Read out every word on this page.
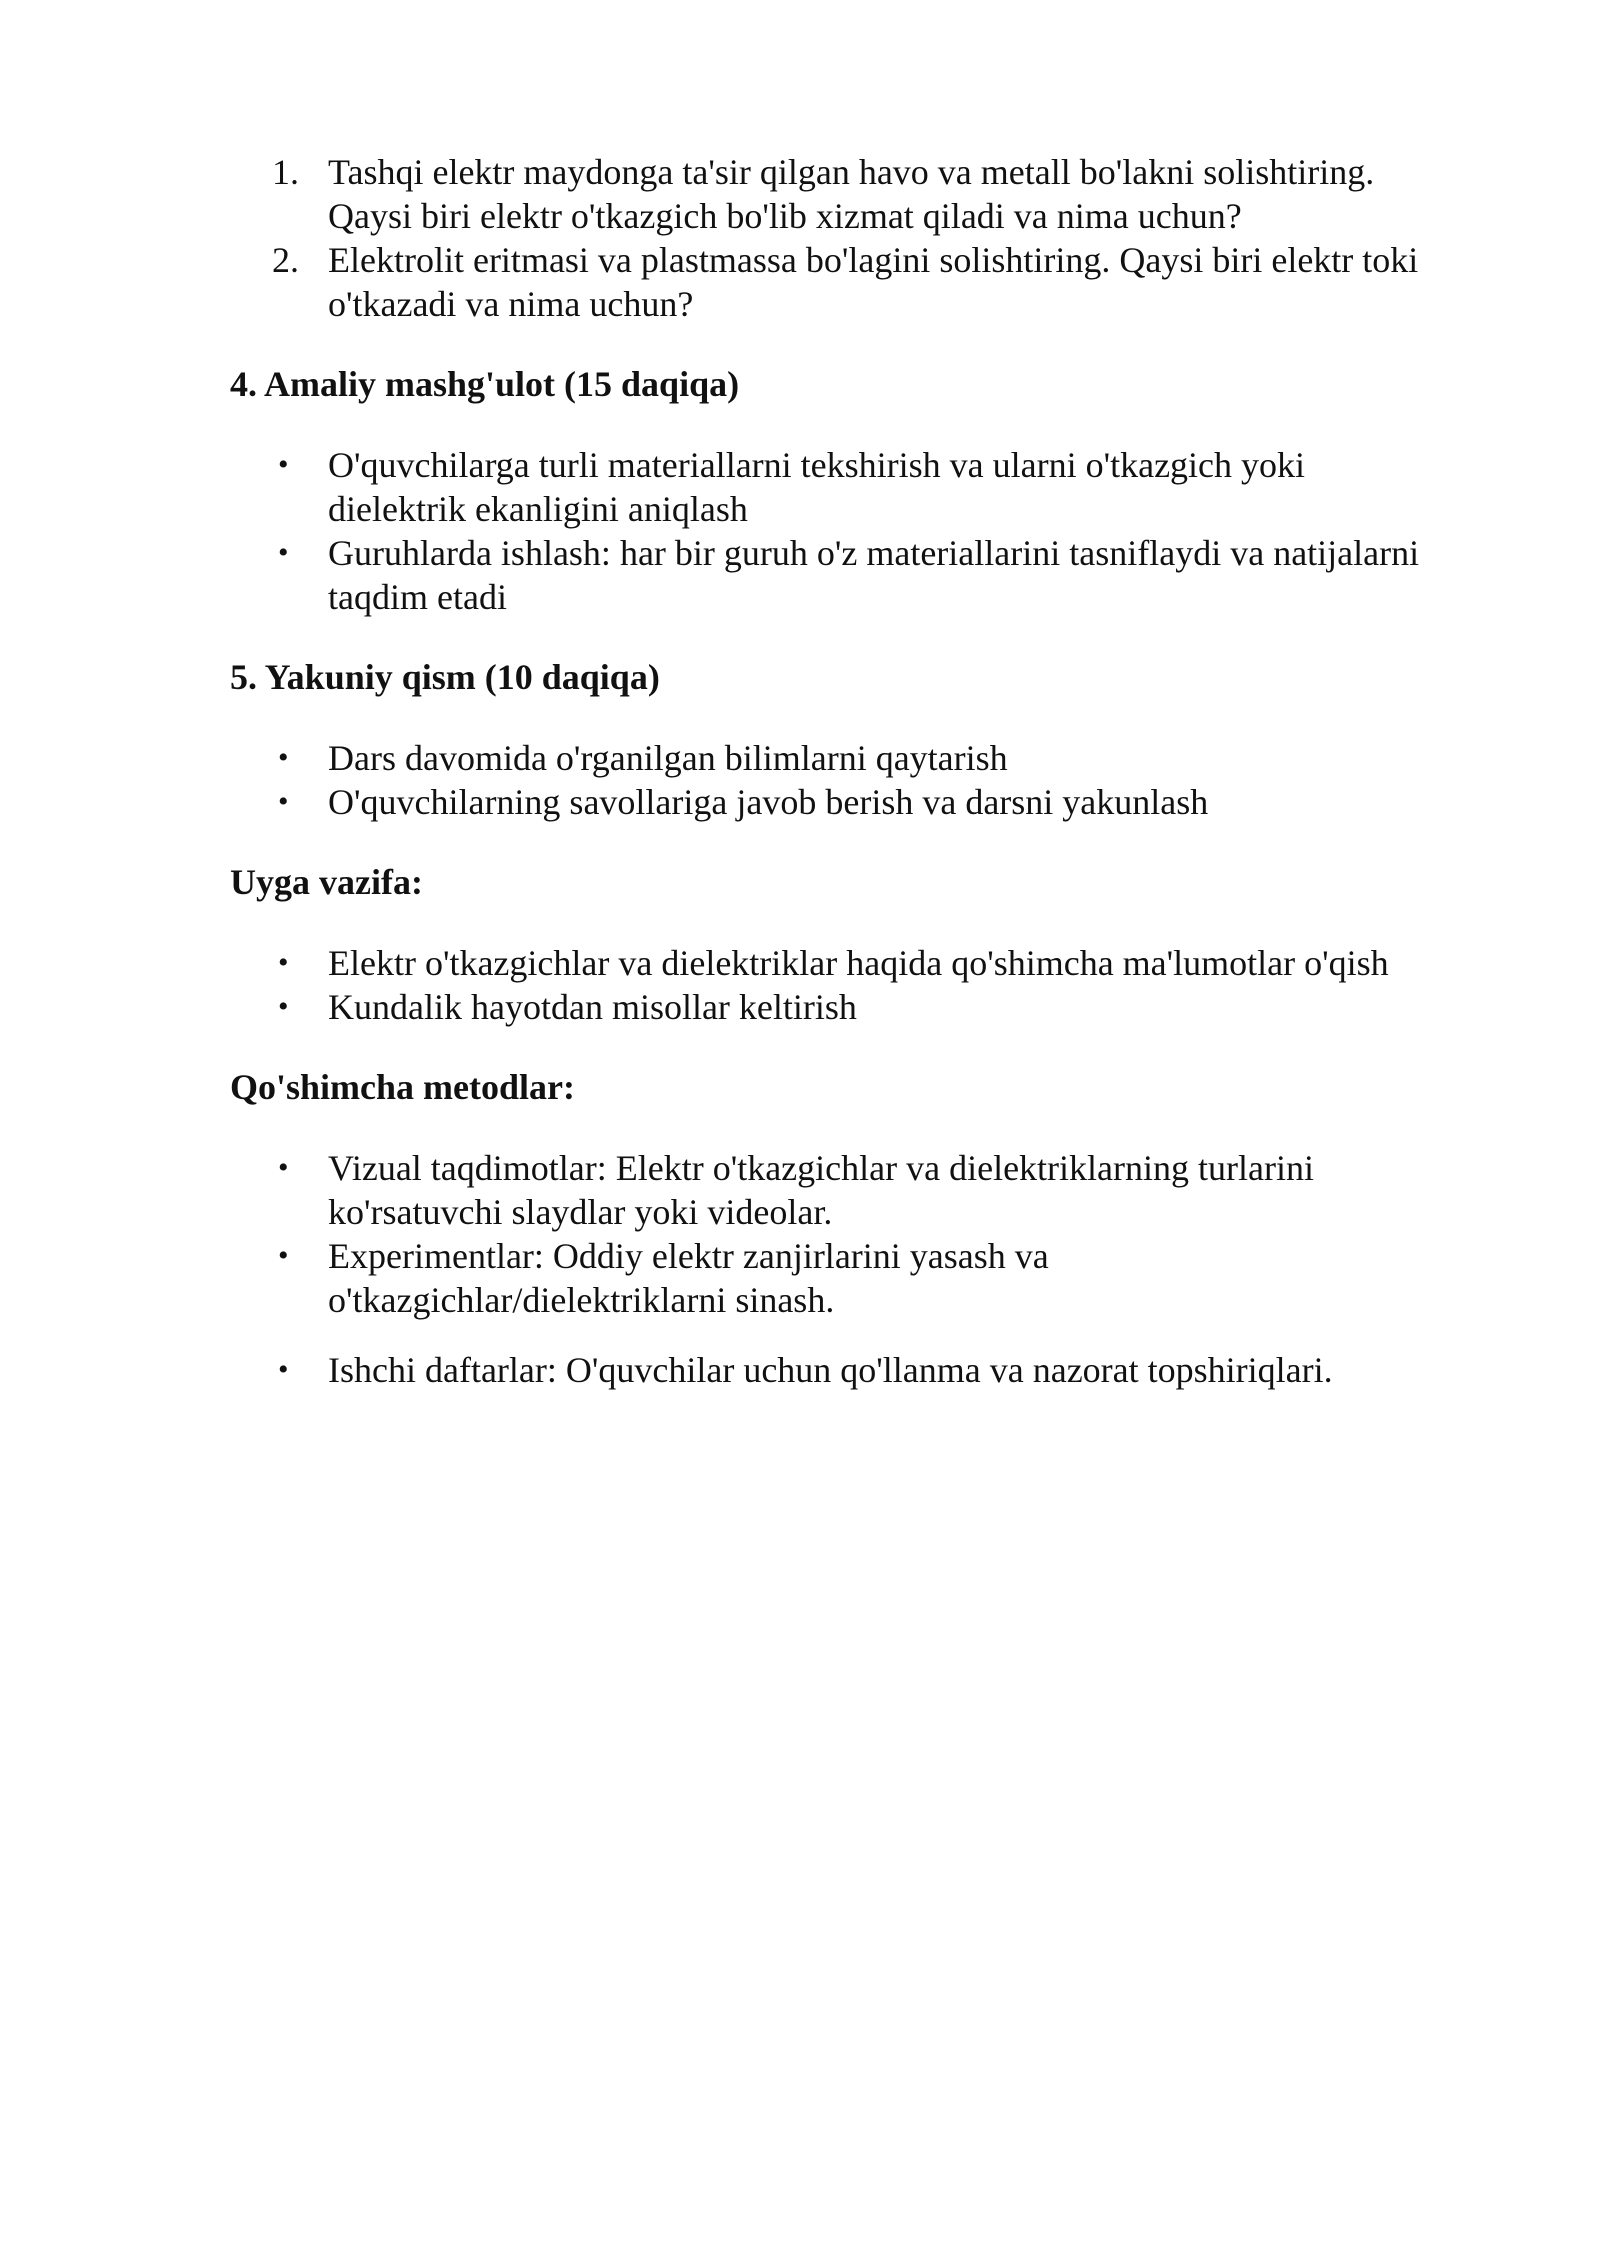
1. Tashqi elektr maydonga ta'sir qilgan havo va metall bo'lakni solishtiring.
Qaysi biri elektr o'tkazgich bo'lib xizmat qiladi va nima uchun?
2. Elektrolit eritmasi va plastmassa bo'lagini solishtiring. Qaysi biri elektr toki
o'tkazadi va nima uchun?
4. Amaliy mashg'ulot (15 daqiqa)
•	O'quvchilarga turli materiallarni tekshirish va ularni o'tkazgich yoki
dielektrik ekanligini aniqlash
•	Guruhlarda ishlash: har bir guruh o'z materiallarini tasniflaydi va natijalarni
taqdim etadi
5. Yakuniy qism (10 daqiqa)
•	Dars davomida o'rganilgan bilimlarni qaytarish
•	O'quvchilarning savollariga javob berish va darsni yakunlash
Uyga vazifa:
•	Elektr o'tkazgichlar va dielektriklar haqida qo'shimcha ma'lumotlar o'qish
•	Kundalik hayotdan misollar keltirish
Qo'shimcha metodlar:
•	Vizual taqdimotlar: Elektr o'tkazgichlar va dielektriklarning turlarini
ko'rsatuvchi slaydlar yoki videolar.
•	Experimentlar: Oddiy elektr zanjirlarini yasash va
o'tkazgichlar/dielektriklarni sinash.
•	Ishchi daftarlar: O'quvchilar uchun qo'llanma va nazorat topshiriqlari.
